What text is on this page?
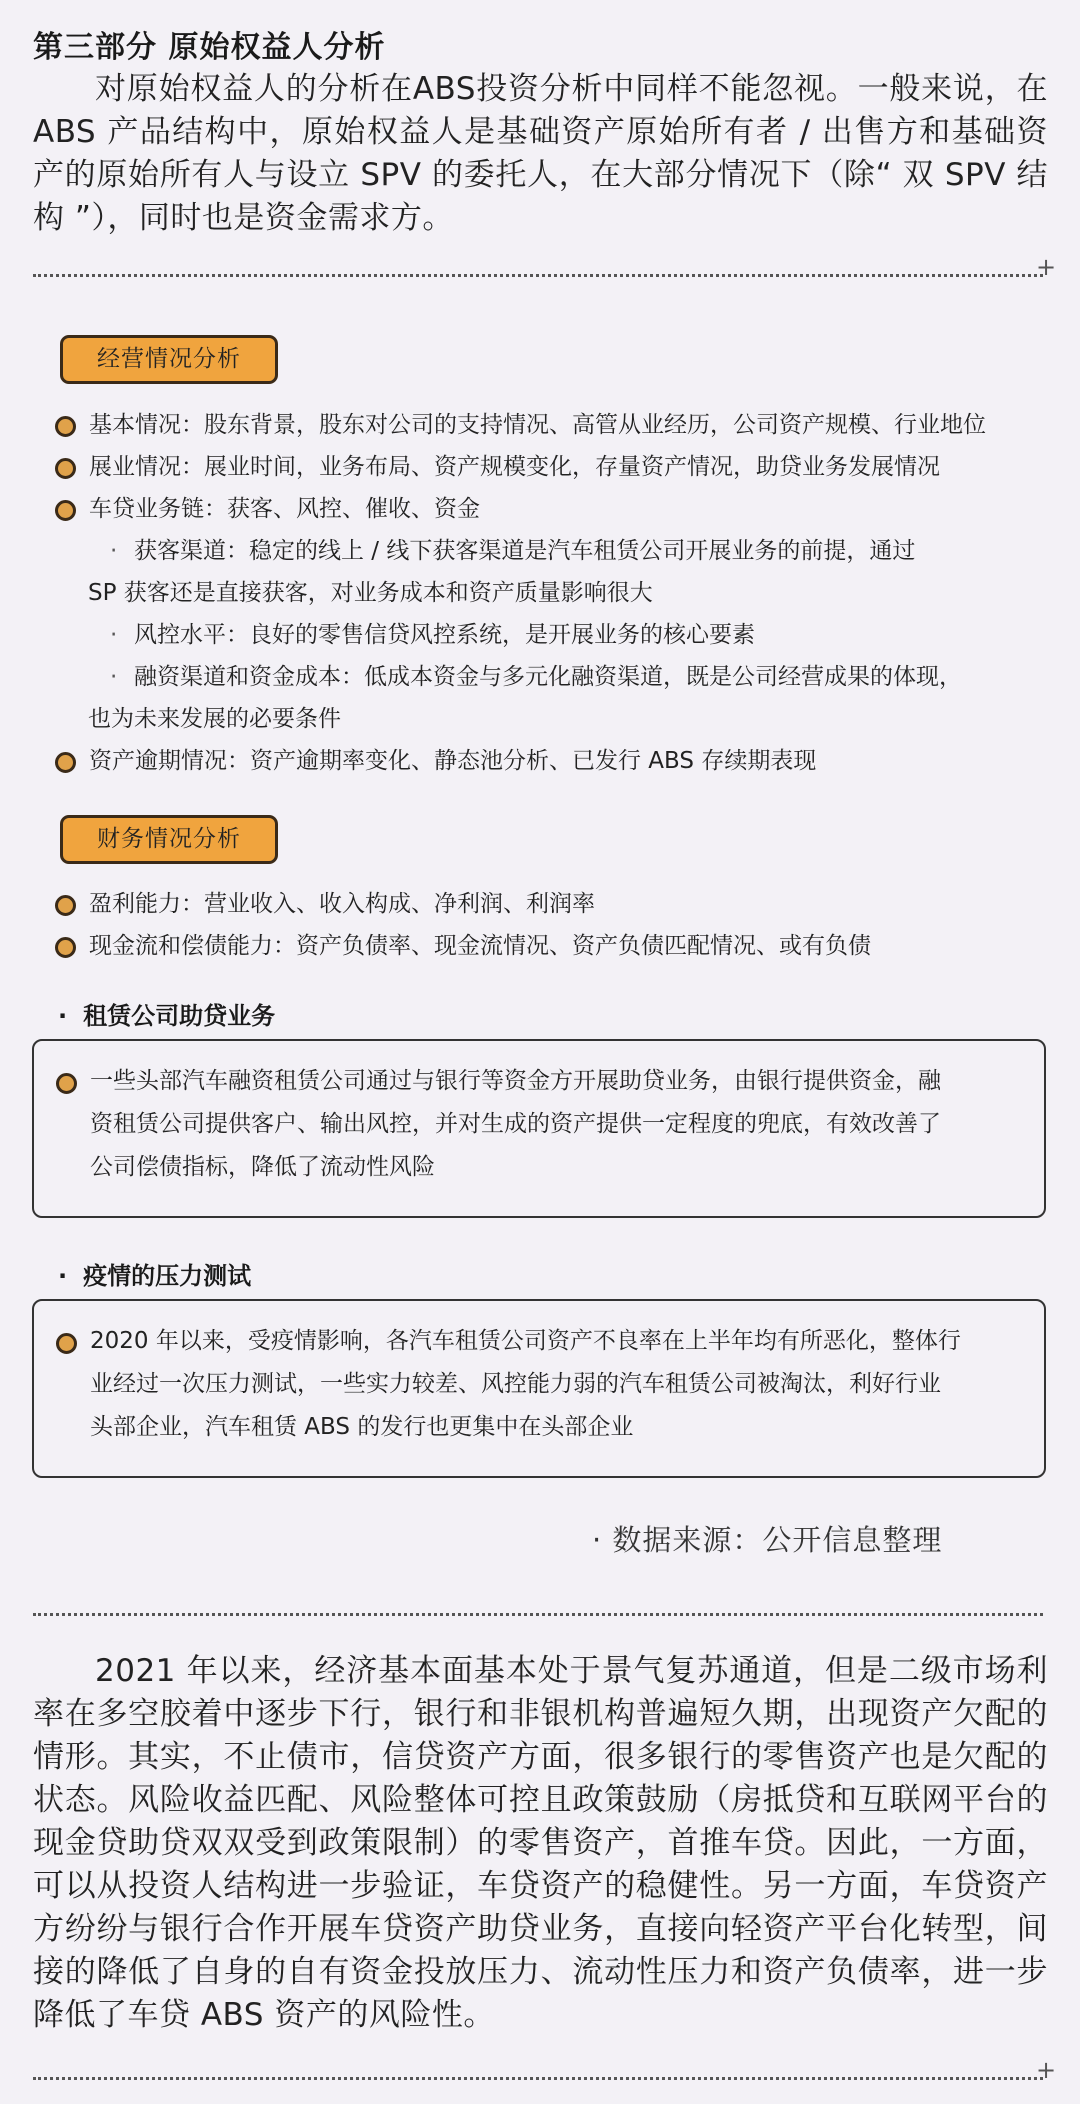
第三部分 原始权益人分析
对原始权益人的分析在ABS投资分析中同样不能忽视。一般来说，在 ABS 产品结构中，原始权益人是基础资产原始所有者 / 出售方和基础资产的原始所有人与设立 SPV 的委托人，在大部分情况下（除“ 双 SPV 结构 ”），同时也是资金需求方。
+
经营情况分析
基本情况：股东背景，股东对公司的支持情况、高管从业经历，公司资产规模、行业地位
展业情况：展业时间，业务布局、资产规模变化，存量资产情况，助贷业务发展情况
车贷业务链：获客、风控、催收、资金
· 获客渠道：稳定的线上 / 线下获客渠道是汽车租赁公司开展业务的前提，通过
SP 获客还是直接获客，对业务成本和资产质量影响很大
· 风控水平：良好的零售信贷风控系统，是开展业务的核心要素
· 融资渠道和资金成本：低成本资金与多元化融资渠道，既是公司经营成果的体现，
也为未来发展的必要条件
资产逾期情况：资产逾期率变化、静态池分析、已发行 ABS 存续期表现
财务情况分析
盈利能力：营业收入、收入构成、净利润、利润率
现金流和偿债能力：资产负债率、现金流情况、资产负债匹配情况、或有负债
· 租赁公司助贷业务
一些头部汽车融资租赁公司通过与银行等资金方开展助贷业务，由银行提供资金，融
资租赁公司提供客户、输出风控，并对生成的资产提供一定程度的兜底，有效改善了
公司偿债指标，降低了流动性风险
· 疫情的压力测试
2020 年以来，受疫情影响，各汽车租赁公司资产不良率在上半年均有所恶化，整体行
业经过一次压力测试，一些实力较差、风控能力弱的汽车租赁公司被淘汰，利好行业
头部企业，汽车租赁 ABS 的发行也更集中在头部企业
· 数据来源：公开信息整理
2021 年以来，经济基本面基本处于景气复苏通道，但是二级市场利率在多空胶着中逐步下行，银行和非银机构普遍短久期，出现资产欠配的情形。其实，不止债市，信贷资产方面，很多银行的零售资产也是欠配的状态。风险收益匹配、风险整体可控且政策鼓励（房抵贷和互联网平台的现金贷助贷双双受到政策限制）的零售资产，首推车贷。因此，一方面，可以从投资人结构进一步验证，车贷资产的稳健性。另一方面，车贷资产方纷纷与银行合作开展车贷资产助贷业务，直接向轻资产平台化转型，间接的降低了自身的自有资金投放压力、流动性压力和资产负债率，进一步降低了车贷 ABS 资产的风险性。
+
